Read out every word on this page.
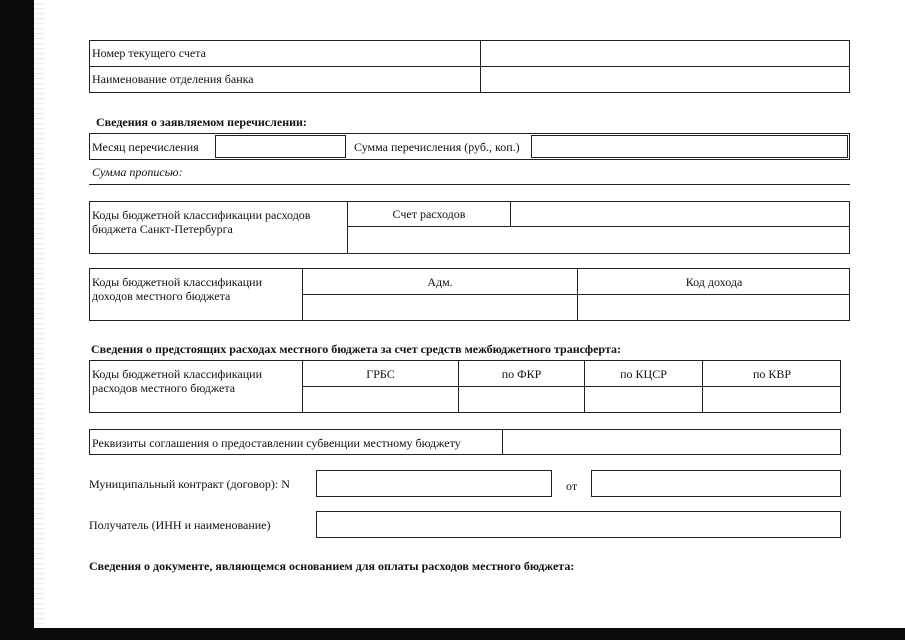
Номер текущего счета
Наименование отделения банка
Сведения о заявляемом перечислении:
Месяц перечисления	Сумма перечисления (руб., коп.)
Сумма прописью:
Коды бюджетной классификации расходов бюджета Санкт-Петербурга
Счет расходов
Коды бюджетной классификации доходов местного бюджета
Адм.	Код дохода
Сведения о предстоящих расходах местного бюджета за счет средств межбюджетного трансферта:
Коды бюджетной классификации расходов местного бюджета
ГРБС	по ФКР	по КЦСР	по КВР
Реквизиты соглашения о предоставлении субвенции местному бюджету
Муниципальный контракт (договор): N	от
Получатель (ИНН и наименование)
Сведения о документе, являющемся основанием для оплаты расходов местного бюджета:
